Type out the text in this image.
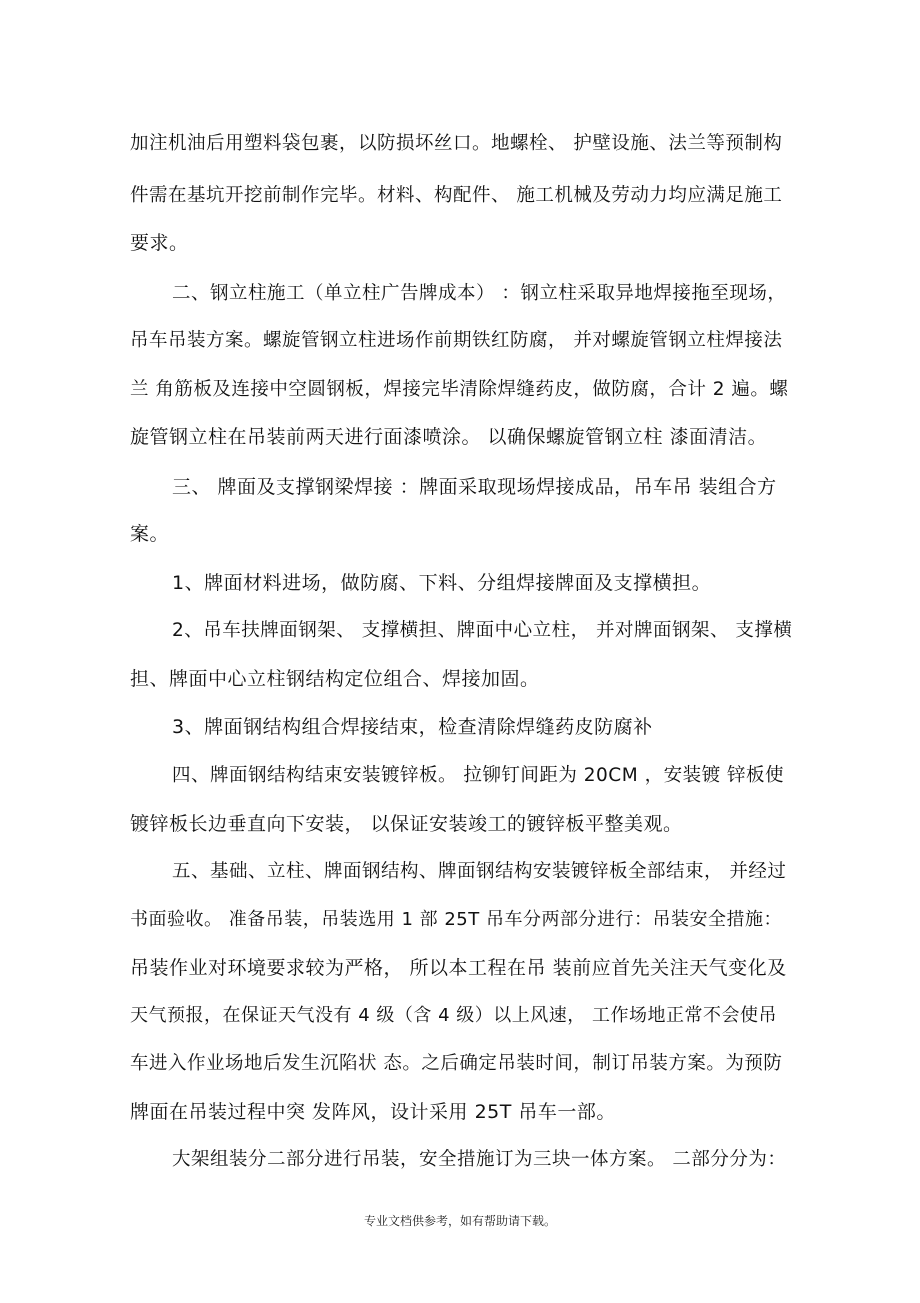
加注机油后用塑料袋包裹，以防损坏丝口。地螺栓、 护壁设施、法兰等预制构
件需在基坑开挖前制作完毕。材料、构配件、 施工机械及劳动力均应满足施工
要求。
二、钢立柱施工（单立柱广告牌成本） ：钢立柱采取异地焊接拖至现场，
吊车吊装方案。螺旋管钢立柱进场作前期铁红防腐， 并对螺旋管钢立柱焊接法
兰 角筋板及连接中空圆钢板，焊接完毕清除焊缝药皮，做防腐，合计 2 遍。螺
旋管钢立柱在吊装前两天进行面漆喷涂。 以确保螺旋管钢立柱 漆面清洁。
三、 牌面及支撑钢梁焊接 ：牌面采取现场焊接成品，吊车吊 装组合方
案。
1、牌面材料进场，做防腐、下料、分组焊接牌面及支撑横担。
2、吊车扶牌面钢架、 支撑横担、牌面中心立柱， 并对牌面钢架、 支撑横
担、牌面中心立柱钢结构定位组合、焊接加固。
3、牌面钢结构组合焊接结束，检查清除焊缝药皮防腐补
四、牌面钢结构结束安装镀锌板。 拉铆钉间距为 20CM ，安装镀 锌板使
镀锌板长边垂直向下安装， 以保证安装竣工的镀锌板平整美观。
五、基础、立柱、牌面钢结构、牌面钢结构安装镀锌板全部结束， 并经过
书面验收。 准备吊装，吊装选用 1 部 25T 吊车分两部分进行：吊装安全措施：
吊装作业对环境要求较为严格， 所以本工程在吊 装前应首先关注天气变化及
天气预报，在保证天气没有 4 级（含 4 级）以上风速， 工作场地正常不会使吊
车进入作业场地后发生沉陷状 态。之后确定吊装时间，制订吊装方案。为预防
牌面在吊装过程中突 发阵风，设计采用 25T 吊车一部。
大架组装分二部分进行吊装，安全措施订为三块一体方案。 二部分分为：
专业文档供参考，如有帮助请下载。
